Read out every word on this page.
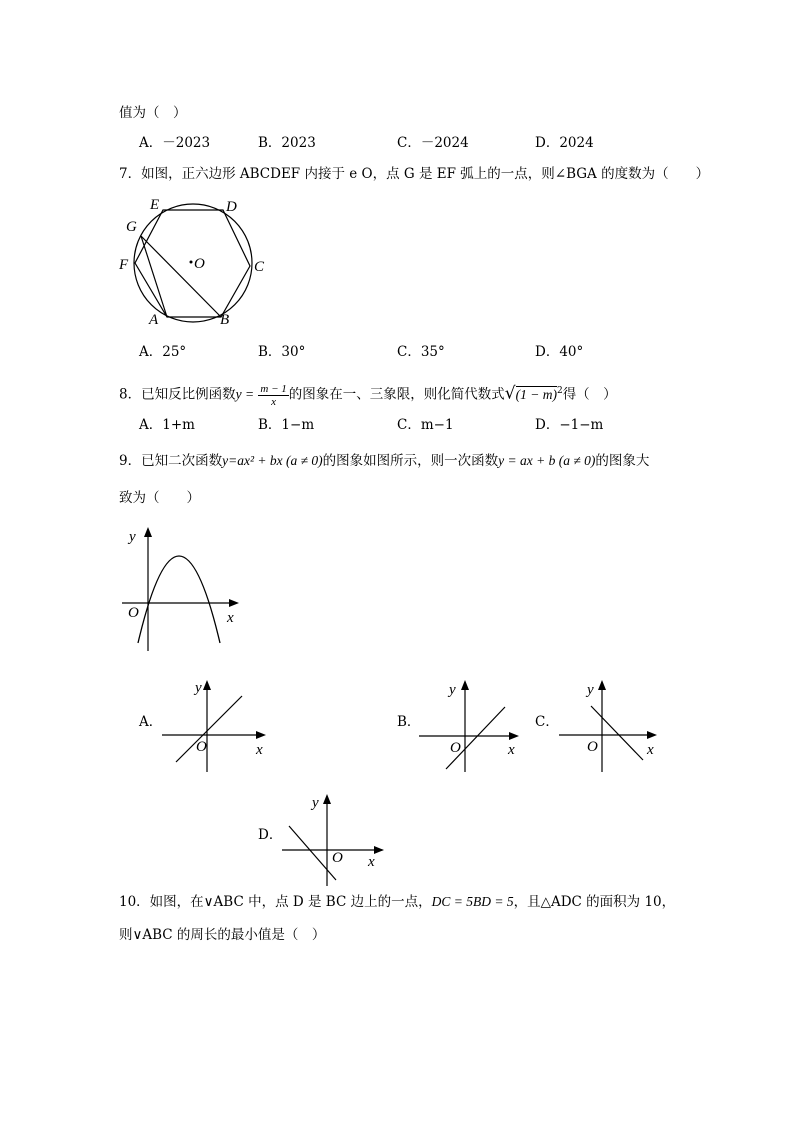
值为（　）
A．－2023	B．2023	C．－2024	D．2024
7．如图，正六边形 ABCDEF 内接于 e O，点 G 是 EF 弧上的一点，则∠BGA 的度数为（　　）
E	D
G
F	O	C
A	B
A．25°	B．30°	C．35°	D．40°
8．已知反比例函数$y = \frac{m - 1}{x}$ 的图象在一、三象限，则化简代数式$√(1 - m)^2$得（　）
A．1+m	B．1−m	C．m−1	D．−1−m
9．已知二次函数y=ax² + bx (a ≠ 0)的图象如图所示，则一次函数y = ax + b (a ≠ 0)的图象大
致为（　　）
y
x
O
A．
y
x
O
B．
y
x
O
C．
y
x
O
D．
y
x
O
10．如图，在∨ABC 中，点 D 是 BC 边上的一点，DC = 5BD = 5，且△ADC 的面积为 10，
则∨ABC 的周长的最小值是（　）
